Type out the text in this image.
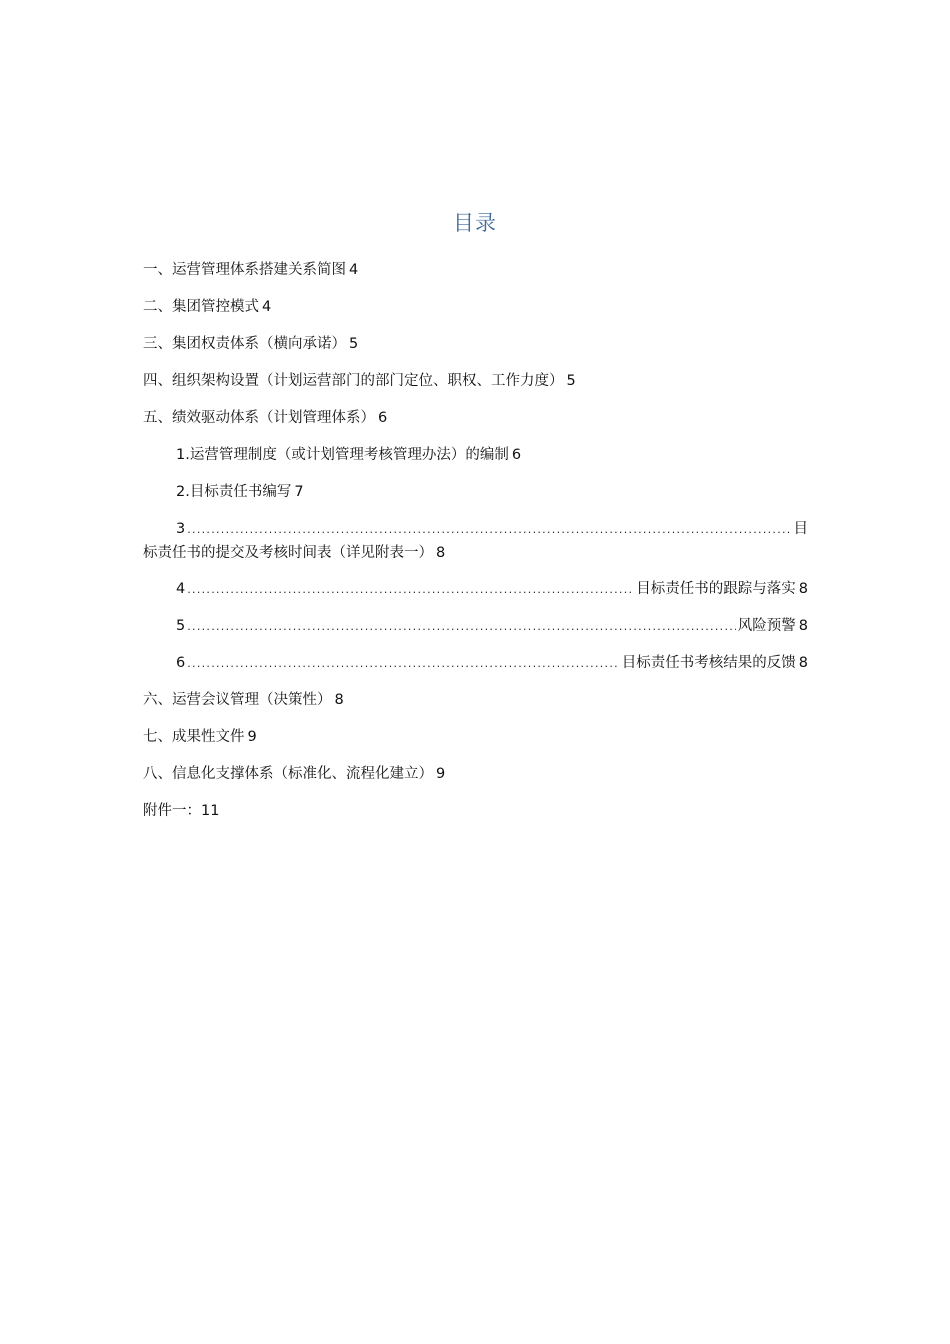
目录
一、运营管理体系搭建关系简图 4
二、集团管控模式 4
三、集团权责体系（横向承诺） 5
四、组织架构设置（计划运营部门的部门定位、职权、工作力度） 5
五、绩效驱动体系（计划管理体系） 6
1.运营管理制度（或计划管理考核管理办法）的编制 6
2.目标责任书编写 7
3 .....	目
标责任书的提交及考核时间表（详见附表一） 8
4 .....	目标责任书的跟踪与落实 8
5 .....	风险预警 8
6 .....	目标责任书考核结果的反馈 8
六、运营会议管理（决策性） 8
七、成果性文件 9
八、信息化支撑体系（标准化、流程化建立） 9
附件一：11
